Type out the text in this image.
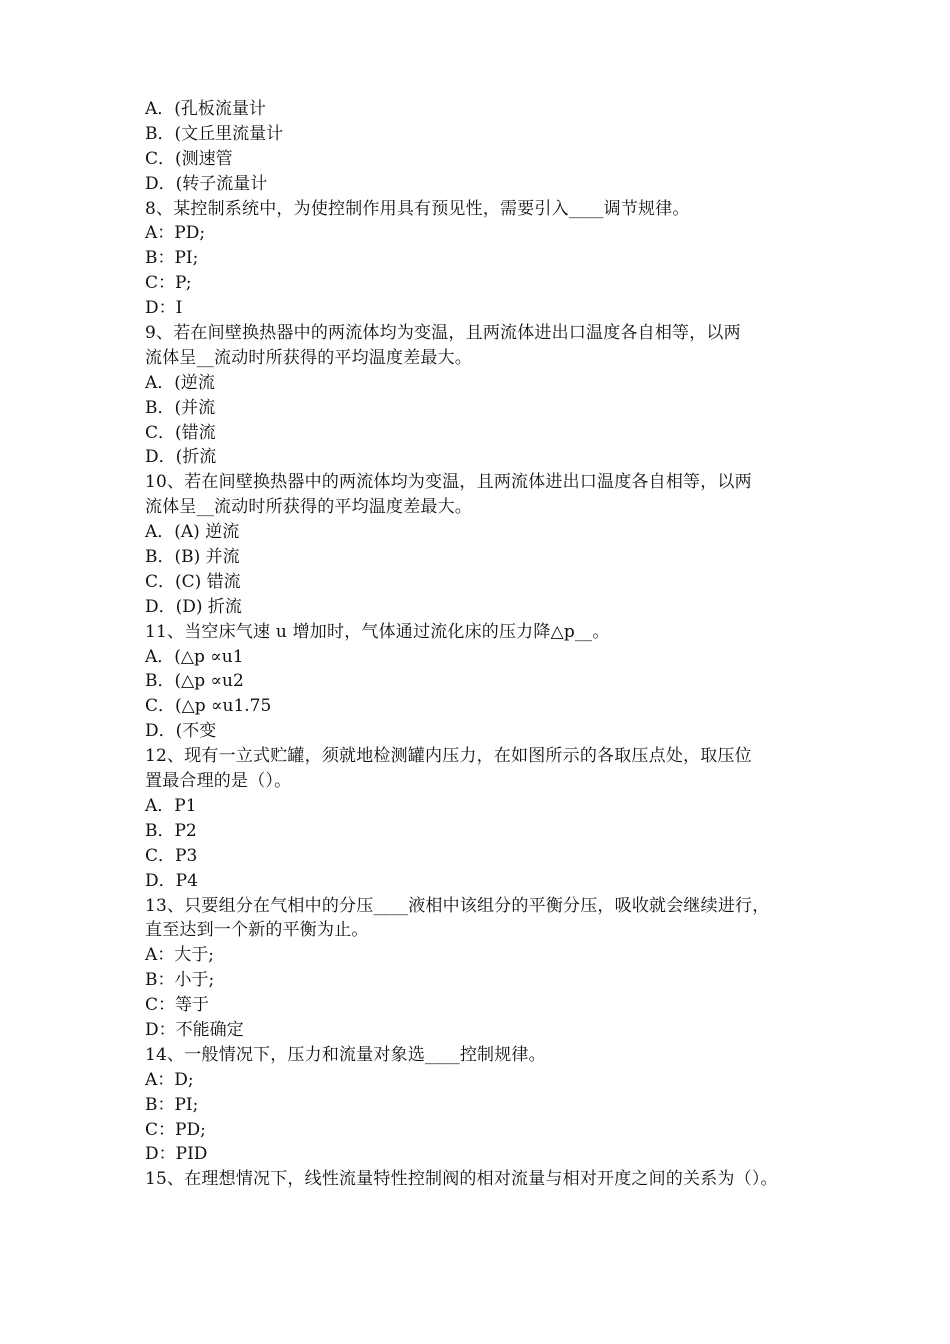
A．(孔板流量计
B．(文丘里流量计
C．(测速管
D．(转子流量计
8、某控制系统中，为使控制作用具有预见性，需要引入____调节规律。
A：PD;
B：PI;
C：P;
D：I
9、若在间壁换热器中的两流体均为变温，且两流体进出口温度各自相等，以两
流体呈__流动时所获得的平均温度差最大。
A．(逆流
B．(并流
C．(错流
D．(折流
10、若在间壁换热器中的两流体均为变温，且两流体进出口温度各自相等，以两
流体呈__流动时所获得的平均温度差最大。
A．(A) 逆流
B．(B) 并流
C．(C) 错流
D．(D) 折流
11、当空床气速 u 增加时，气体通过流化床的压力降△p__。
A．(△p ∝u1
B．(△p ∝u2
C．(△p ∝u1.75
D．(不变
12、现有一立式贮罐，须就地检测罐内压力，在如图所示的各取压点处，取压位
置最合理的是（）。
A．P1
B．P2
C．P3
D．P4
13、只要组分在气相中的分压____液相中该组分的平衡分压，吸收就会继续进行，
直至达到一个新的平衡为止。
A：大于;
B：小于;
C：等于
D：不能确定
14、一般情况下，压力和流量对象选____控制规律。
A：D;
B：PI;
C：PD;
D：PID
15、在理想情况下，线性流量特性控制阀的相对流量与相对开度之间的关系为（）。
